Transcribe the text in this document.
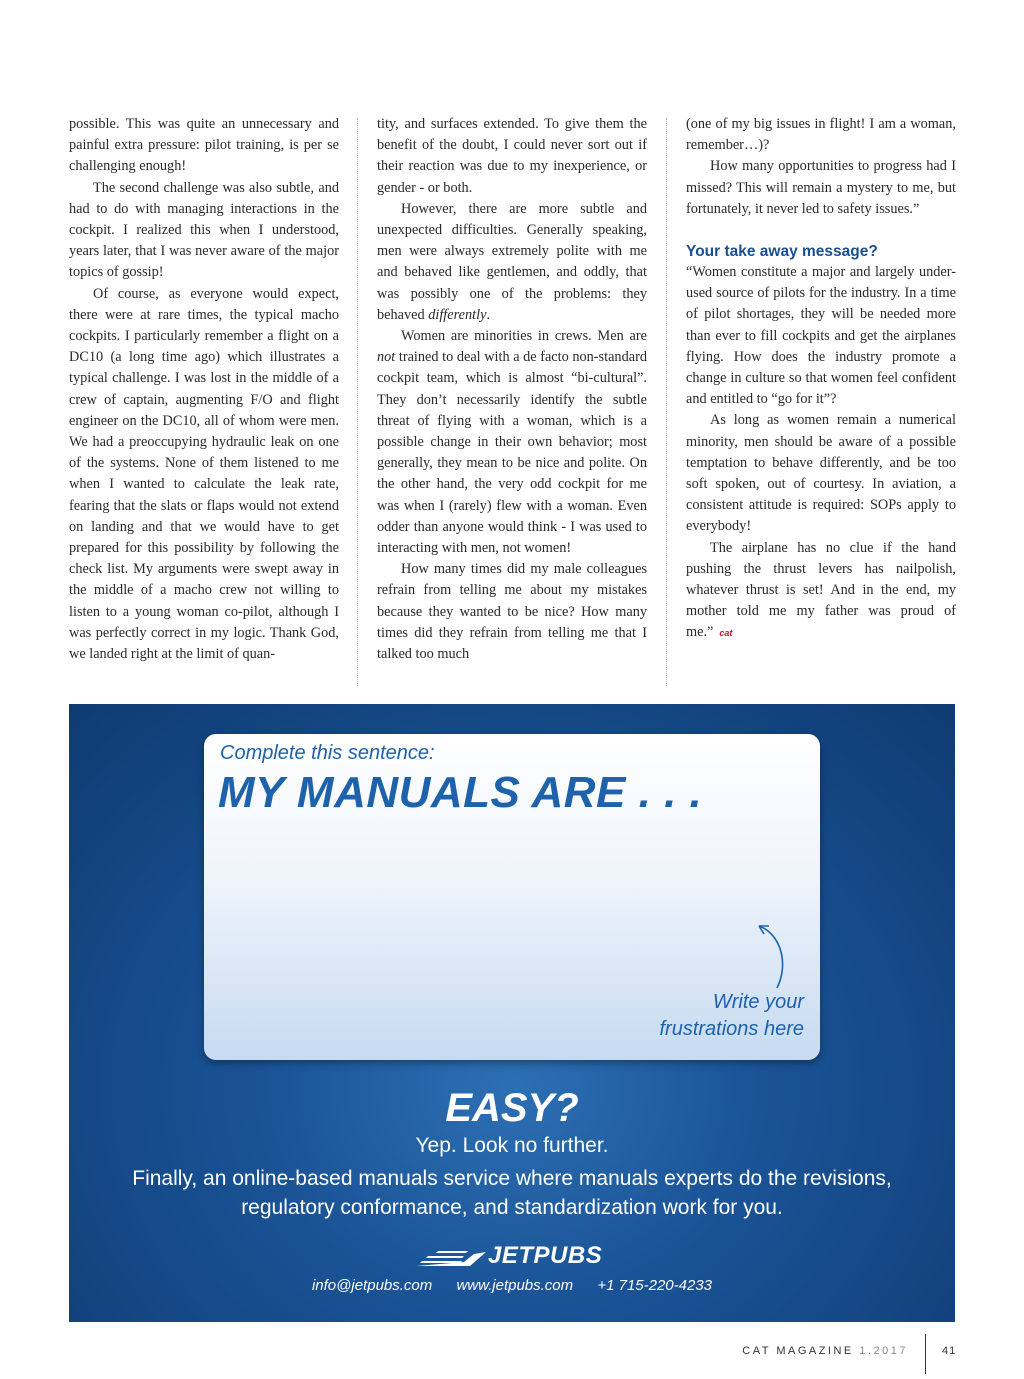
possible. This was quite an unnecessary and painful extra pressure: pilot training, is per se challenging enough!

The second challenge was also subtle, and had to do with managing interactions in the cockpit. I realized this when I understood, years later, that I was never aware of the major topics of gossip!

Of course, as everyone would expect, there were at rare times, the typical macho cockpits. I particularly remember a flight on a DC10 (a long time ago) which illustrates a typical challenge. I was lost in the middle of a crew of captain, augmenting F/O and flight engineer on the DC10, all of whom were men. We had a preoccupying hydraulic leak on one of the systems. None of them listened to me when I wanted to calculate the leak rate, fearing that the slats or flaps would not extend on landing and that we would have to get prepared for this possibility by following the check list. My arguments were swept away in the middle of a macho crew not willing to listen to a young woman co-pilot, although I was perfectly correct in my logic. Thank God, we landed right at the limit of quan-

tity, and surfaces extended. To give them the benefit of the doubt, I could never sort out if their reaction was due to my inexperience, or gender - or both.

However, there are more subtle and unexpected difficulties. Generally speaking, men were always extremely polite with me and behaved like gentlemen, and oddly, that was possibly one of the problems: they behaved differently.

Women are minorities in crews. Men are not trained to deal with a de facto non-standard cockpit team, which is almost “bi-cultural”. They don’t necessarily identify the subtle threat of flying with a woman, which is a possible change in their own behavior; most generally, they mean to be nice and polite. On the other hand, the very odd cockpit for me was when I (rarely) flew with a woman. Even odder than anyone would think - I was used to interacting with men, not women!

How many times did my male colleagues refrain from telling me about my mistakes because they wanted to be nice? How many times did they refrain from telling me that I talked too much

(one of my big issues in flight! I am a woman, remember…)?

How many opportunities to progress had I missed? This will remain a mystery to me, but fortunately, it never led to safety issues.”

Your take away message?

“Women constitute a major and largely under-used source of pilots for the industry. In a time of pilot shortages, they will be needed more than ever to fill cockpits and get the airplanes flying. How does the industry promote a change in culture so that women feel confident and entitled to “go for it”?

As long as women remain a numerical minority, men should be aware of a possible temptation to behave differently, and be too soft spoken, out of courtesy. In aviation, a consistent attitude is required: SOPs apply to everybody!

The airplane has no clue if the hand pushing the thrust levers has nailpolish, whatever thrust is set! And in the end, my mother told me my father was proud of me.” cat

Complete this sentence:
MY MANUALS ARE . . .
Write your
frustrations here
EASY?
Yep. Look no further.
Finally, an online-based manuals service where manuals experts do the revisions,
regulatory conformance, and standardization work for you.
JETPUBS
info@jetpubs.com www.jetpubs.com +1 715-220-4233
CAT MAGAZINE 1.2017	41
